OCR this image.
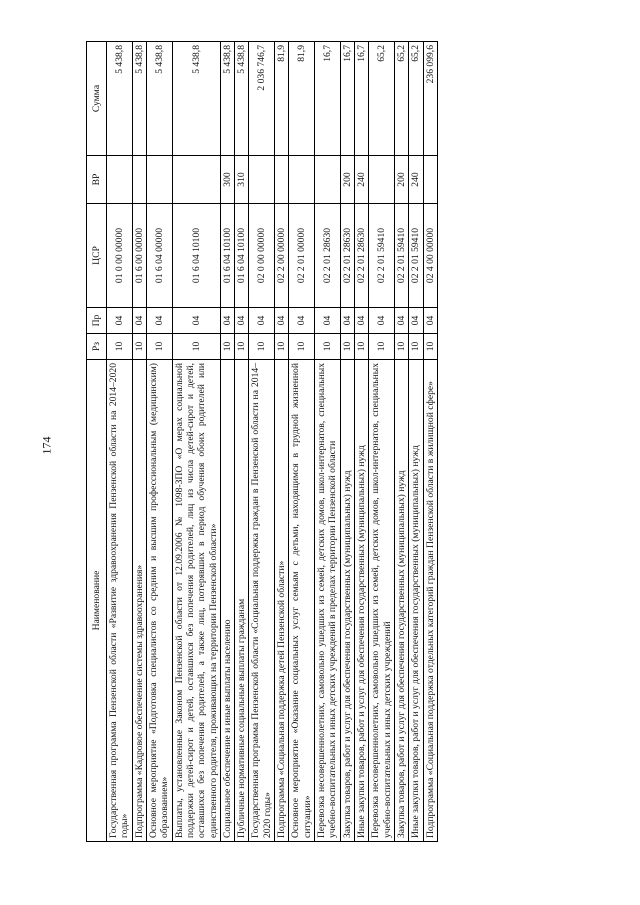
174
Наименование	Рз	Пр	ЦСР	ВР	Сумма
Государственная программа Пензенской области «Развитие здравоохранения Пензенской области на 2014–2020 годы»	10	04	01 0 00 00000		5 438,8
Подпрограмма «Кадровое обеспечение системы здравоохранения»	10	04	01 6 00 00000		5 438,8
Основное мероприятие «Подготовка специалистов со средним и высшим профессиональным (медицинским) образованием»	10	04	01 6 04 00000		5 438,8
Выплаты, установленные Законом Пензенской области от 12.09.2006 № 1098-ЗПО «О мерах социальной поддержки детей-сирот и детей, оставшихся без попечения родителей, лиц из числа детей-сирот и детей, оставшихся без попечения родителей, а также лиц, потерявших в период обучения обоих родителей или единственного родителя, проживающих на территории Пензенской области»	10	04	01 6 04 10100		5 438,8
Социальное обеспечение и иные выплаты населению	10	04	01 6 04 10100	300	5 438,8
Публичные нормативные социальные выплаты гражданам	10	04	01 6 04 10100	310	5 438,8
Государственная программа Пензенской области «Социальная поддержка граждан в Пензенской области на 2014–2020 годы»	10	04	02 0 00 00000		2 036 746,7
Подпрограмма «Социальная поддержка детей Пензенской области»	10	04	02 2 00 00000		81,9
Основное мероприятие «Оказание социальных услуг семьям с детьми, находящимся в трудной жизненной ситуации»	10	04	02 2 01 00000		81,9
Перевозка несовершеннолетних, самовольно ушедших из семей, детских домов, школ-интернатов, специальных учебно-воспитательных и иных детских учреждений в пределах территории Пензенской области	10	04	02 2 01 28630		16,7
Закупка товаров, работ и услуг для обеспечения государственных (муниципальных) нужд	10	04	02 2 01 28630	200	16,7
Иные закупки товаров, работ и услуг для обеспечения государственных (муниципальных) нужд	10	04	02 2 01 28630	240	16,7
Перевозка несовершеннолетних, самовольно ушедших из семей, детских домов, школ-интернатов, специальных учебно-воспитательных и иных детских учреждений	10	04	02 2 01 59410		65,2
Закупка товаров, работ и услуг для обеспечения государственных (муниципальных) нужд	10	04	02 2 01 59410	200	65,2
Иные закупки товаров, работ и услуг для обеспечения государственных (муниципальных) нужд	10	04	02 2 01 59410	240	65,2
Подпрограмма «Социальная поддержка отдельных категорий граждан Пензенской области в жилищной сфере»	10	04	02 4 00 00000		236 099,6
